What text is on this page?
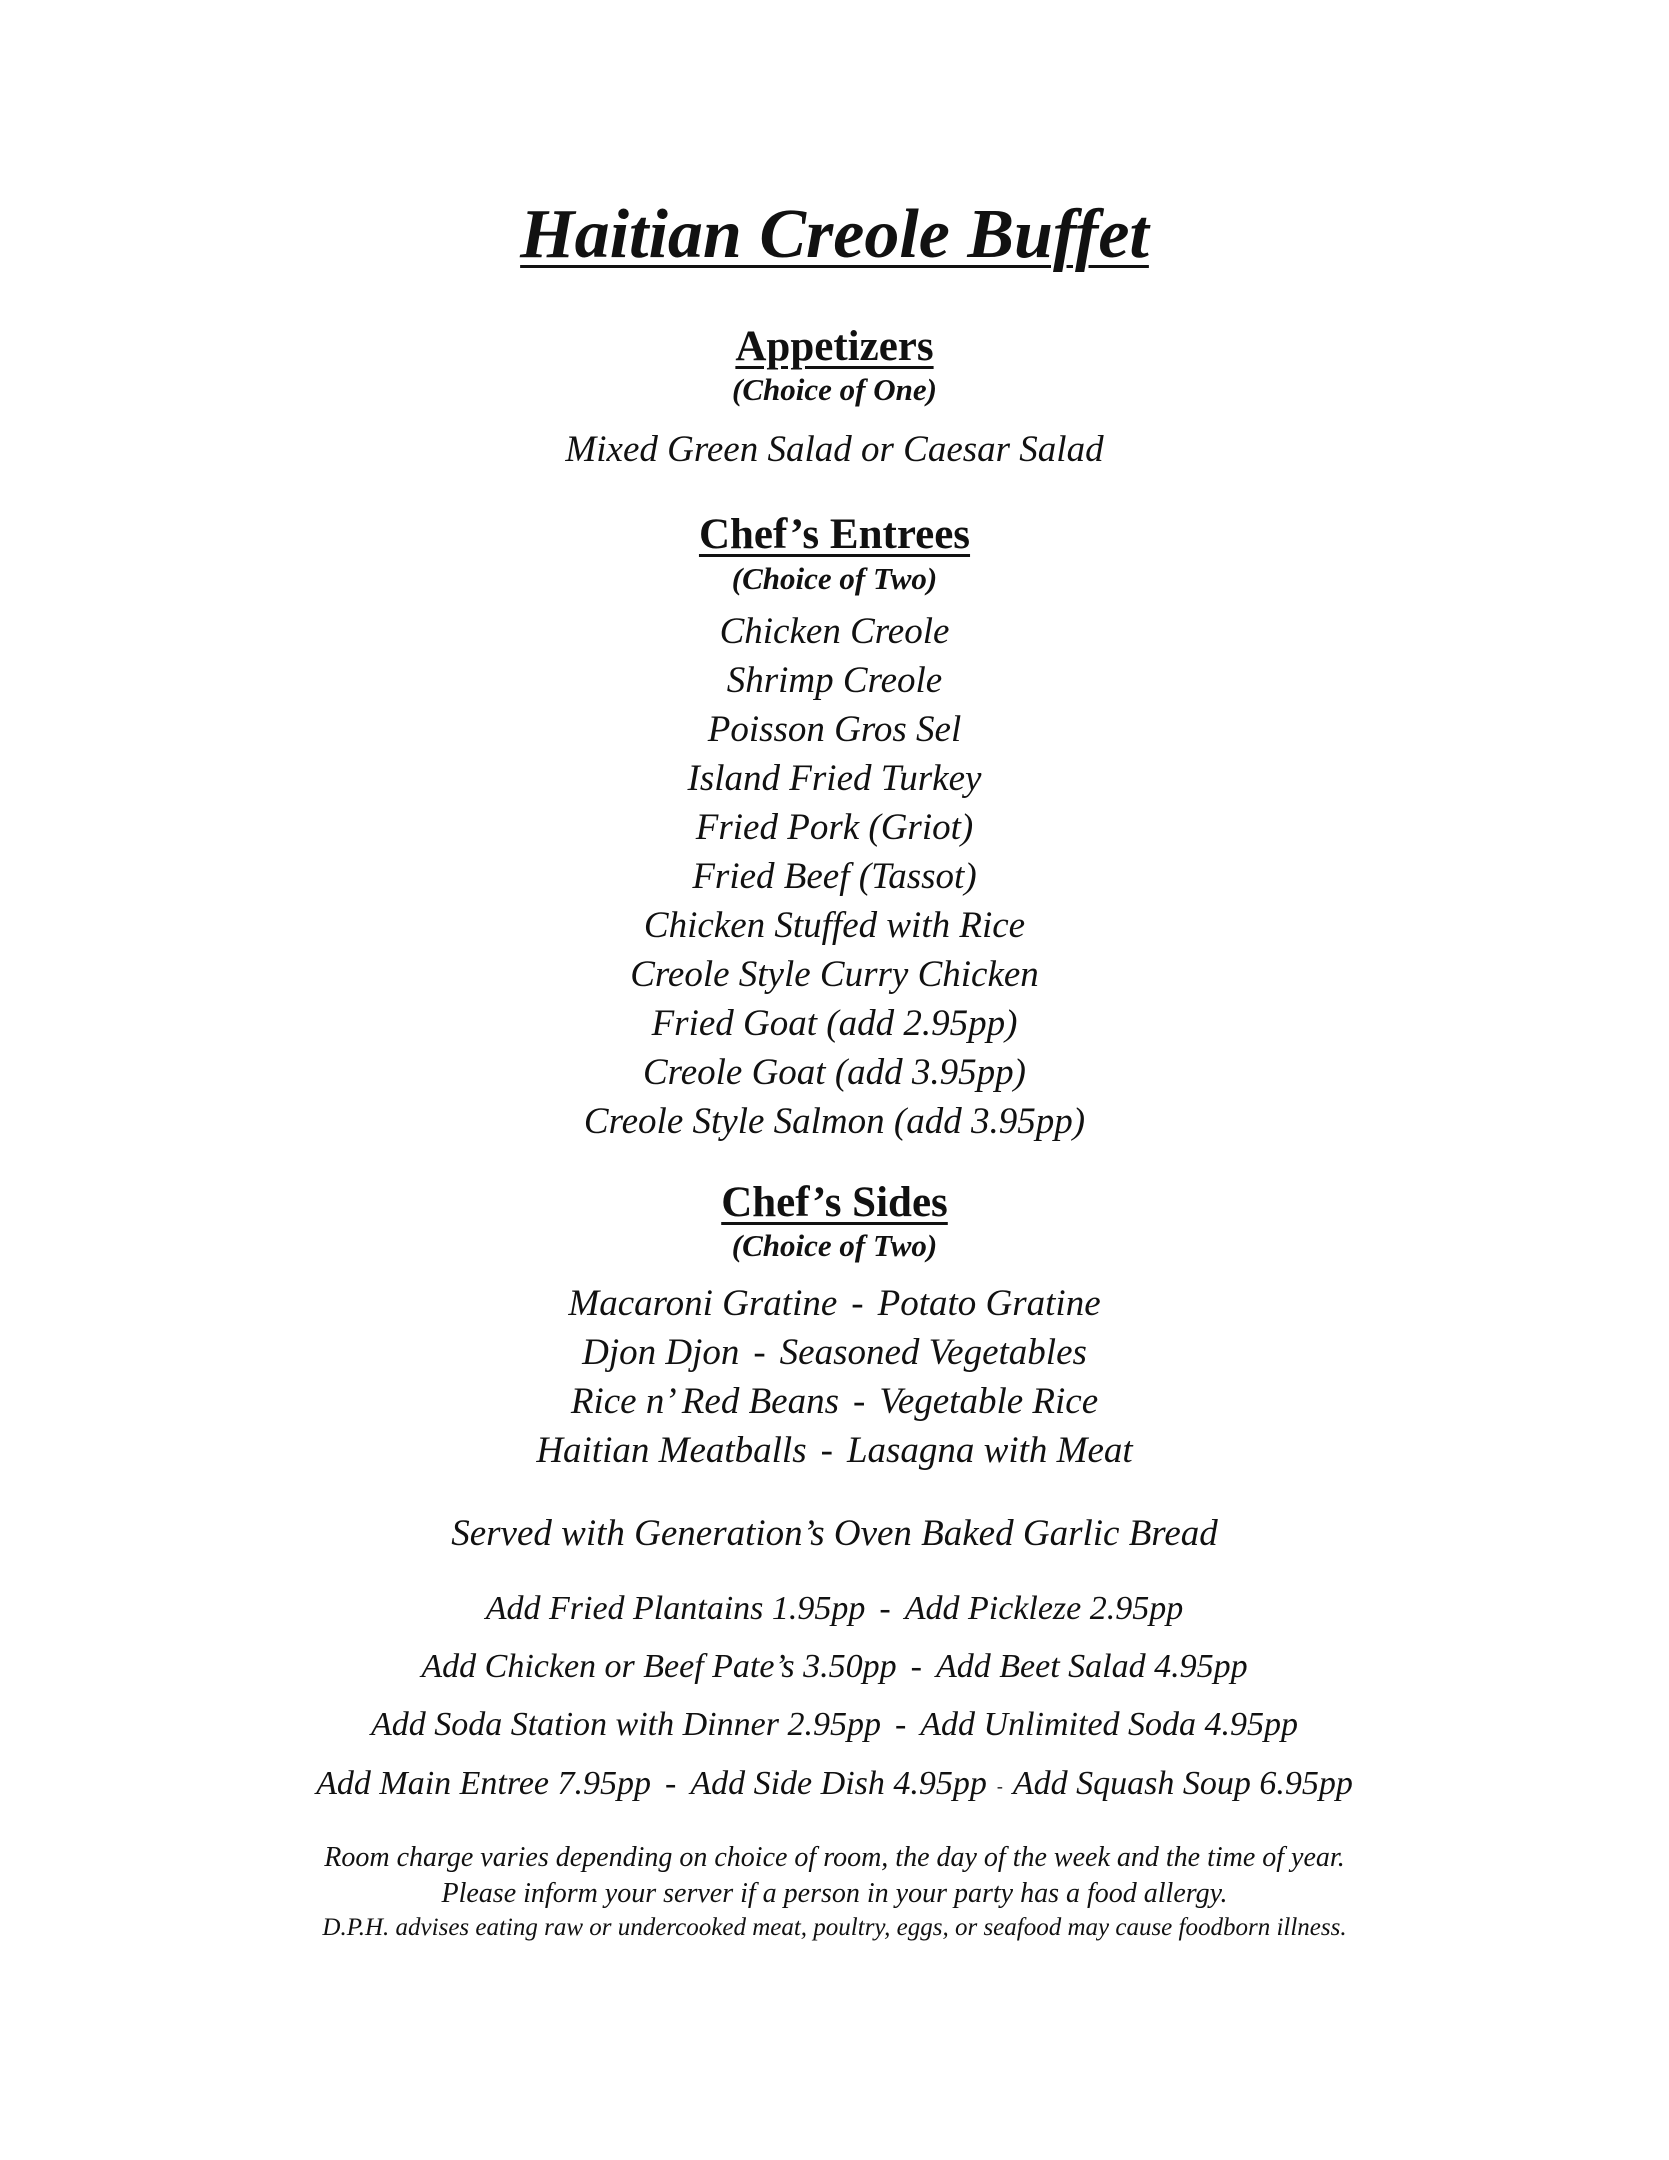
Haitian Creole Buffet
Appetizers
(Choice of One)
Mixed Green Salad or Caesar Salad
Chef’s Entrees
(Choice of Two)
Chicken Creole
Shrimp Creole
Poisson Gros Sel
Island Fried Turkey
Fried Pork (Griot)
Fried Beef (Tassot)
Chicken Stuffed with Rice
Creole Style Curry Chicken
Fried Goat (add 2.95pp)
Creole Goat (add 3.95pp)
Creole Style Salmon (add 3.95pp)
Chef’s Sides
(Choice of Two)
Macaroni Gratine - Potato Gratine
Djon Djon - Seasoned Vegetables
Rice n’ Red Beans - Vegetable Rice
Haitian Meatballs - Lasagna with Meat
Served with Generation’s Oven Baked Garlic Bread
Add Fried Plantains 1.95pp - Add Pickleze 2.95pp
Add Chicken or Beef Pate’s 3.50pp - Add Beet Salad 4.95pp
Add Soda Station with Dinner 2.95pp - Add Unlimited Soda 4.95pp
Add Main Entree 7.95pp - Add Side Dish 4.95pp - Add Squash Soup 6.95pp
Room charge varies depending on choice of room, the day of the week and the time of year.
Please inform your server if a person in your party has a food allergy.
D.P.H. advises eating raw or undercooked meat, poultry, eggs, or seafood may cause foodborn illness.
